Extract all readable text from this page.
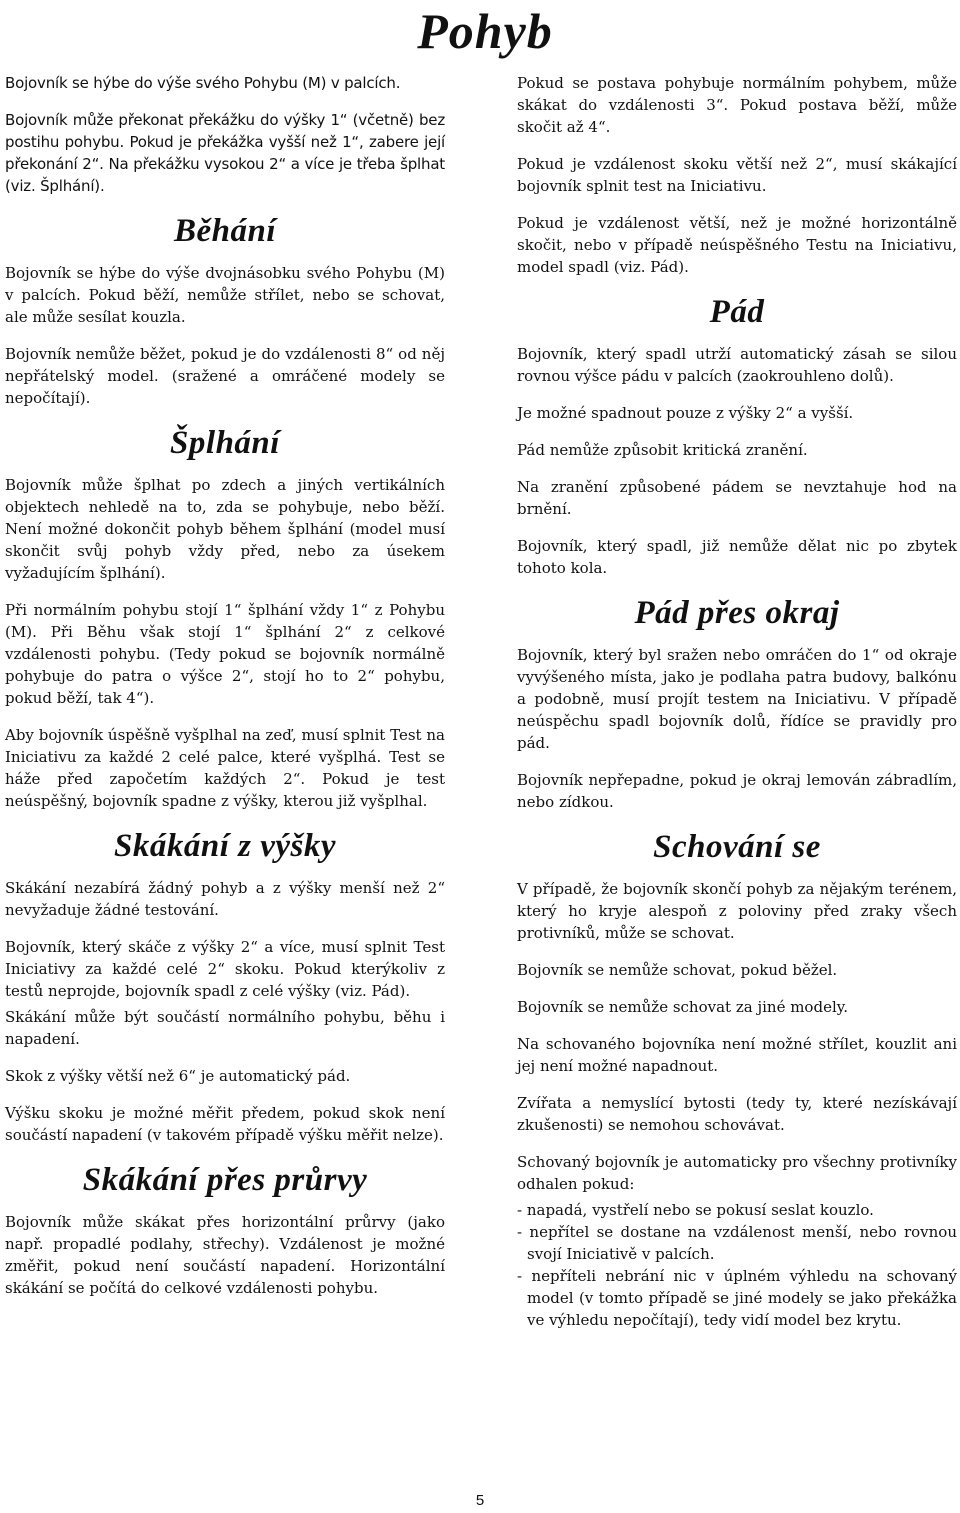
Pohyb

Bojovník se hýbe do výše svého Pohybu (M) v palcích.

Bojovník může překonat překážku do výšky 1“ (včetně) bez postihu pohybu. Pokud je překážka vyšší než 1“, zabere její překonání 2“. Na překážku vysokou 2“ a více je třeba šplhat (viz. Šplhání).

Běhání

Bojovník se hýbe do výše dvojnásobku svého Pohybu (M) v palcích. Pokud běží, nemůže střílet, nebo se schovat, ale může sesílat kouzla.

Bojovník nemůže běžet, pokud je do vzdálenosti 8“ od něj nepřátelský model. (sražené a omráčené modely se nepočítají).

Šplhání

Bojovník může šplhat po zdech a jiných vertikálních objektech nehledě na to, zda se pohybuje, nebo běží. Není možné dokončit pohyb během šplhání (model musí skončit svůj pohyb vždy před, nebo za úsekem vyžadujícím šplhání).

Při normálním pohybu stojí 1“ šplhání vždy 1“ z Pohybu (M). Při Běhu však stojí 1“ šplhání 2“ z celkové vzdálenosti pohybu. (Tedy pokud se bojovník normálně pohybuje do patra o výšce 2“, stojí ho to 2“ pohybu, pokud běží, tak 4“).

Aby bojovník úspěšně vyšplhal na zeď, musí splnit Test na Iniciativu za každé 2 celé palce, které vyšplhá. Test se háže před započetím každých 2“. Pokud je test neúspěšný, bojovník spadne z výšky, kterou již vyšplhal.

Skákání z výšky

Skákání nezabírá žádný pohyb a z výšky menší než 2“ nevyžaduje žádné testování.

Bojovník, který skáče z výšky 2“ a více, musí splnit Test Iniciativy za každé celé 2“ skoku. Pokud kterýkoliv z testů neprojde, bojovník spadl z celé výšky (viz. Pád).

Skákání může být součástí normálního pohybu, běhu i napadení.

Skok z výšky větší než 6“ je automatický pád.

Výšku skoku je možné měřit předem, pokud skok není součástí napadení (v takovém případě výšku měřit nelze).

Skákání přes průrvy

Bojovník může skákat přes horizontální průrvy (jako např. propadlé podlahy, střechy). Vzdálenost je možné změřit, pokud není součástí napadení. Horizontální skákání se počítá do celkové vzdálenosti pohybu.

Pokud se postava pohybuje normálním pohybem, může skákat do vzdálenosti 3“. Pokud postava běží, může skočit až 4“.

Pokud je vzdálenost skoku větší než 2“, musí skákající bojovník splnit test na Iniciativu.

Pokud je vzdálenost větší, než je možné horizontálně skočit, nebo v případě neúspěšného Testu na Iniciativu, model spadl (viz. Pád).

Pád

Bojovník, který spadl utrží automatický zásah se silou rovnou výšce pádu v palcích (zaokrouhleno dolů).

Je možné spadnout pouze z výšky 2“ a vyšší.

Pád nemůže způsobit kritická zranění.

Na zranění způsobené pádem se nevztahuje hod na brnění.

Bojovník, který spadl, již nemůže dělat nic po zbytek tohoto kola.

Pád přes okraj

Bojovník, který byl sražen nebo omráčen do 1“ od okraje vyvýšeného místa, jako je podlaha patra budovy, balkónu a podobně, musí projít testem na Iniciativu. V případě neúspěchu spadl bojovník dolů, řídíce se pravidly pro pád.

Bojovník nepřepadne, pokud je okraj lemován zábradlím, nebo zídkou.

Schování se

V případě, že bojovník skončí pohyb za nějakým terénem, který ho kryje alespoň z poloviny před zraky všech protivníků, může se schovat.

Bojovník se nemůže schovat, pokud běžel.

Bojovník se nemůže schovat za jiné modely.

Na schovaného bojovníka není možné střílet, kouzlit ani jej není možné napadnout.

Zvířata a nemyslící bytosti (tedy ty, které nezískávají zkušenosti) se nemohou schovávat.

Schovaný bojovník je automaticky pro všechny protivníky odhalen pokud:

- napadá, vystřelí nebo se pokusí seslat kouzlo.
- nepřítel se dostane na vzdálenost menší, nebo rovnou svojí Iniciativě v palcích.
- nepříteli nebrání nic v úplném výhledu na schovaný model (v tomto případě se jiné modely se jako překážka ve výhledu nepočítají), tedy vidí model bez krytu.
5
